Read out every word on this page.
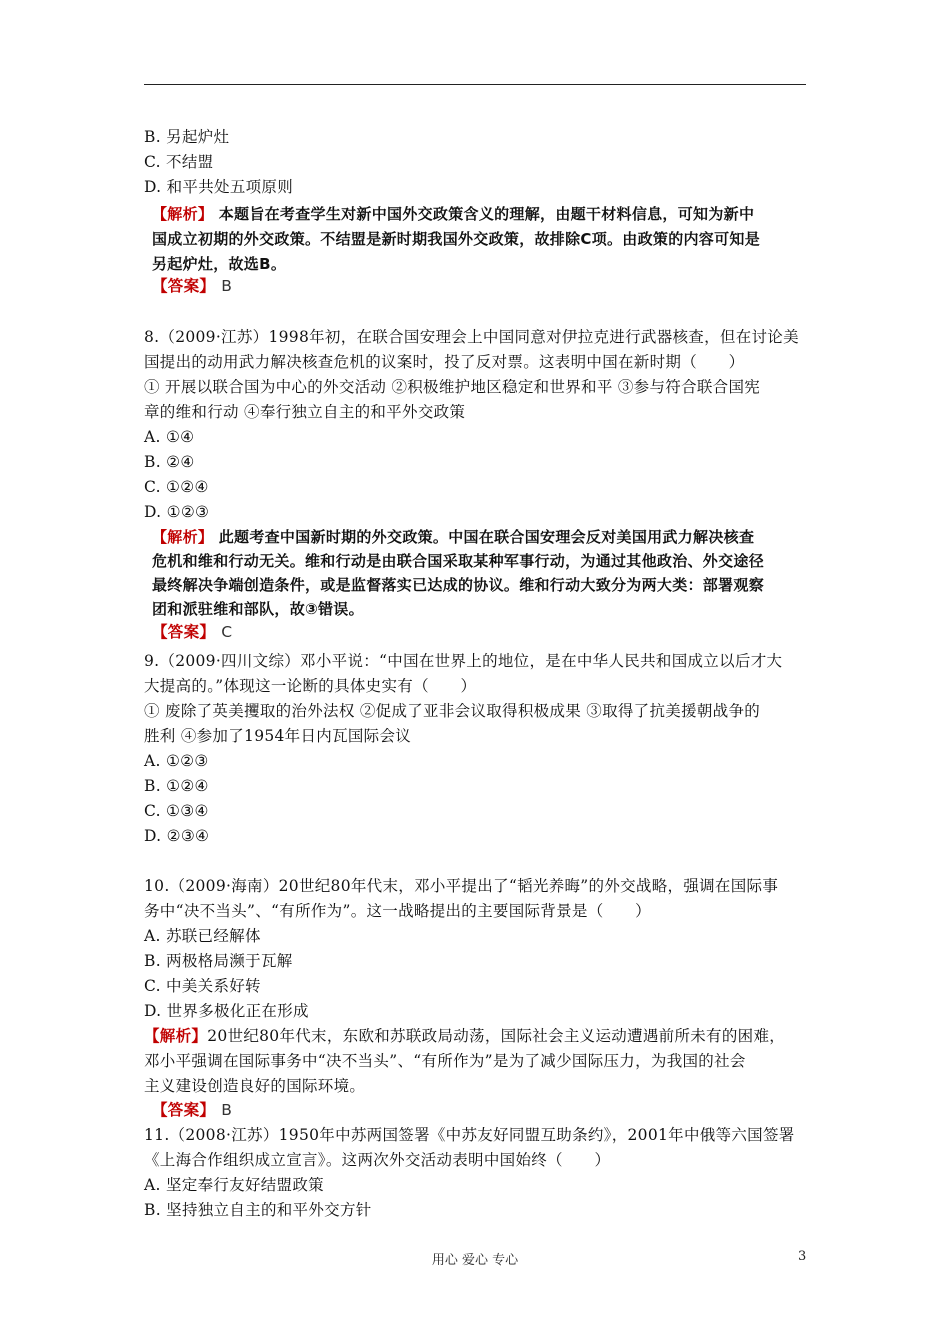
B. 另起炉灶
C. 不结盟
D. 和平共处五项原则
【解析】 本题旨在考查学生对新中国外交政策含义的理解，由题干材料信息，可知为新中
国成立初期的外交政策。不结盟是新时期我国外交政策，故排除C项。由政策的内容可知是
另起炉灶，故选B。
【答案】 B
8.（2009·江苏）1998年初，在联合国安理会上中国同意对伊拉克进行武器核查，但在讨论美
国提出的动用武力解决核查危机的议案时，投了反对票。这表明中国在新时期（　　）
① 开展以联合国为中心的外交活动 ②积极维护地区稳定和世界和平 ③参与符合联合国宪
章的维和行动 ④奉行独立自主的和平外交政策
A. ①④
B. ②④
C. ①②④
D. ①②③
【解析】 此题考查中国新时期的外交政策。中国在联合国安理会反对美国用武力解决核查
危机和维和行动无关。维和行动是由联合国采取某种军事行动，为通过其他政治、外交途径
最终解决争端创造条件，或是监督落实已达成的协议。维和行动大致分为两大类：部署观察
团和派驻维和部队，故③错误。
【答案】 C
9.（2009·四川文综）邓小平说：“中国在世界上的地位，是在中华人民共和国成立以后才大
大提高的。”体现这一论断的具体史实有（　　）
① 废除了英美攫取的治外法权 ②促成了亚非会议取得积极成果 ③取得了抗美援朝战争的
胜利 ④参加了1954年日内瓦国际会议
A. ①②③
B. ①②④
C. ①③④
D. ②③④
10.（2009·海南）20世纪80年代末，邓小平提出了“韬光养晦”的外交战略，强调在国际事
务中“决不当头”、“有所作为”。这一战略提出的主要国际背景是（　　）
A. 苏联已经解体
B. 两极格局濒于瓦解
C. 中美关系好转
D. 世界多极化正在形成
【解析】20世纪80年代末，东欧和苏联政局动荡，国际社会主义运动遭遇前所未有的困难，
邓小平强调在国际事务中“决不当头”、“有所作为”是为了减少国际压力，为我国的社会
主义建设创造良好的国际环境。
【答案】 B
11.（2008·江苏）1950年中苏两国签署《中苏友好同盟互助条约》，2001年中俄等六国签署
《上海合作组织成立宣言》。这两次外交活动表明中国始终（　　）
A. 坚定奉行友好结盟政策
B. 坚持独立自主的和平外交方针
用心 爱心 专心	3
